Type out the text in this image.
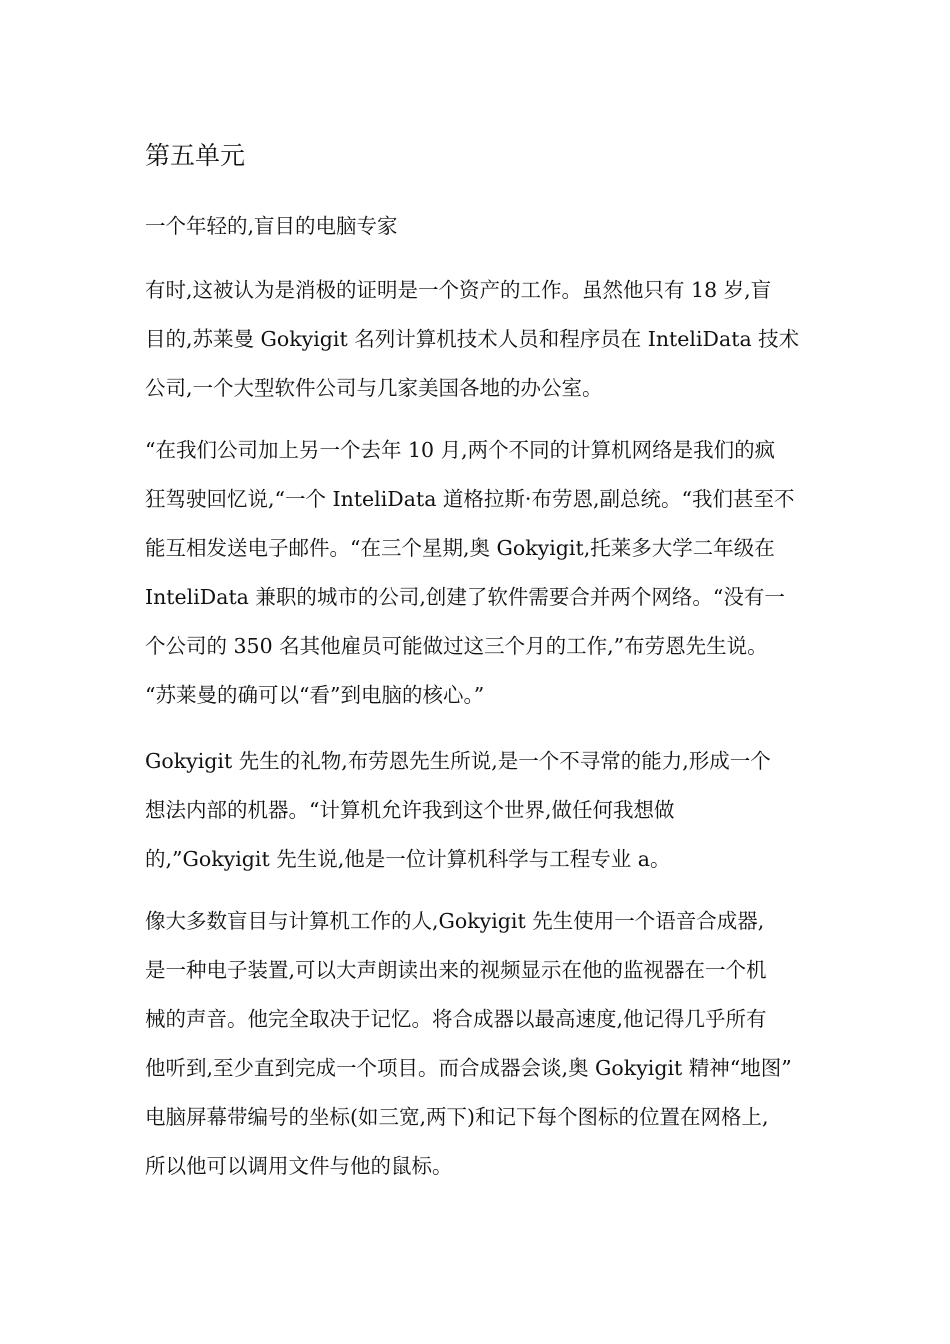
第五单元
一个年轻的,盲目的电脑专家
有时,这被认为是消极的证明是一个资产的工作。虽然他只有 18 岁,盲
目的,苏莱曼 Gokyigit 名列计算机技术人员和程序员在 InteliData 技术
公司,一个大型软件公司与几家美国各地的办公室。
“在我们公司加上另一个去年 10 月,两个不同的计算机网络是我们的疯
狂驾驶回忆说,“一个 InteliData 道格拉斯·布劳恩,副总统。“我们甚至不
能互相发送电子邮件。“在三个星期,奥 Gokyigit,托莱多大学二年级在
InteliData 兼职的城市的公司,创建了软件需要合并两个网络。“没有一
个公司的 350 名其他雇员可能做过这三个月的工作,”布劳恩先生说。
“苏莱曼的确可以“看”到电脑的核心。”
Gokyigit 先生的礼物,布劳恩先生所说,是一个不寻常的能力,形成一个
想法内部的机器。“计算机允许我到这个世界,做任何我想做
的,”Gokyigit 先生说,他是一位计算机科学与工程专业 a。
像大多数盲目与计算机工作的人,Gokyigit 先生使用一个语音合成器,
是一种电子装置,可以大声朗读出来的视频显示在他的监视器在一个机
械的声音。他完全取决于记忆。将合成器以最高速度,他记得几乎所有
他听到,至少直到完成一个项目。而合成器会谈,奥 Gokyigit 精神“地图”
电脑屏幕带编号的坐标(如三宽,两下)和记下每个图标的位置在网格上,
所以他可以调用文件与他的鼠标。
